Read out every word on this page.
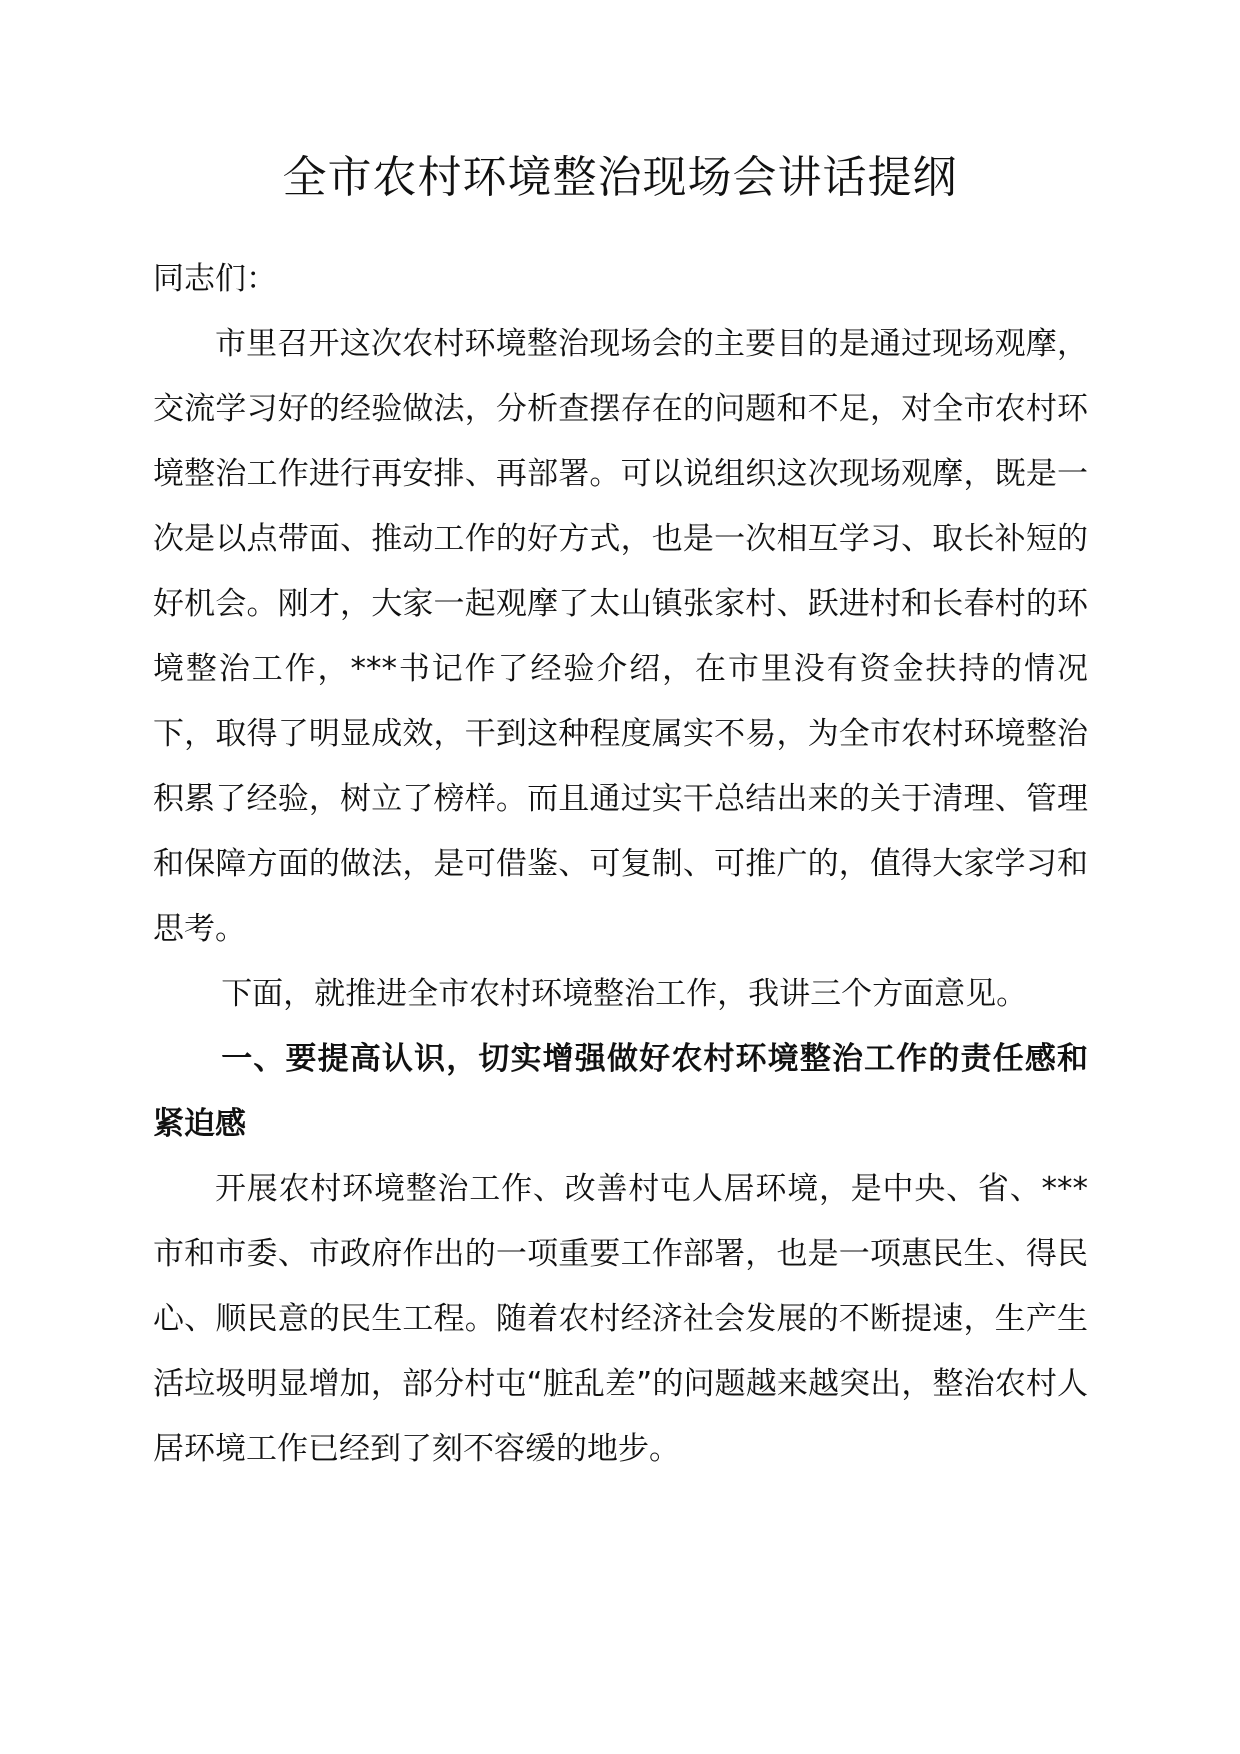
全市农村环境整治现场会讲话提纲

同志们：

市里召开这次农村环境整治现场会的主要目的是通过现场观摩，交流学习好的经验做法，分析查摆存在的问题和不足，对全市农村环境整治工作进行再安排、再部署。可以说组织这次现场观摩，既是一次是以点带面、推动工作的好方式，也是一次相互学习、取长补短的好机会。刚才，大家一起观摩了太山镇张家村、跃进村和长春村的环境整治工作，***书记作了经验介绍，在市里没有资金扶持的情况下，取得了明显成效，干到这种程度属实不易，为全市农村环境整治积累了经验，树立了榜样。而且通过实干总结出来的关于清理、管理和保障方面的做法，是可借鉴、可复制、可推广的，值得大家学习和思考。

下面，就推进全市农村环境整治工作，我讲三个方面意见。

一、要提高认识，切实增强做好农村环境整治工作的责任感和紧迫感

开展农村环境整治工作、改善村屯人居环境，是中央、省、***市和市委、市政府作出的一项重要工作部署，也是一项惠民生、得民心、顺民意的民生工程。随着农村经济社会发展的不断提速，生产生活垃圾明显增加，部分村屯“脏乱差”的问题越来越突出，整治农村人居环境工作已经到了刻不容缓的地步。
